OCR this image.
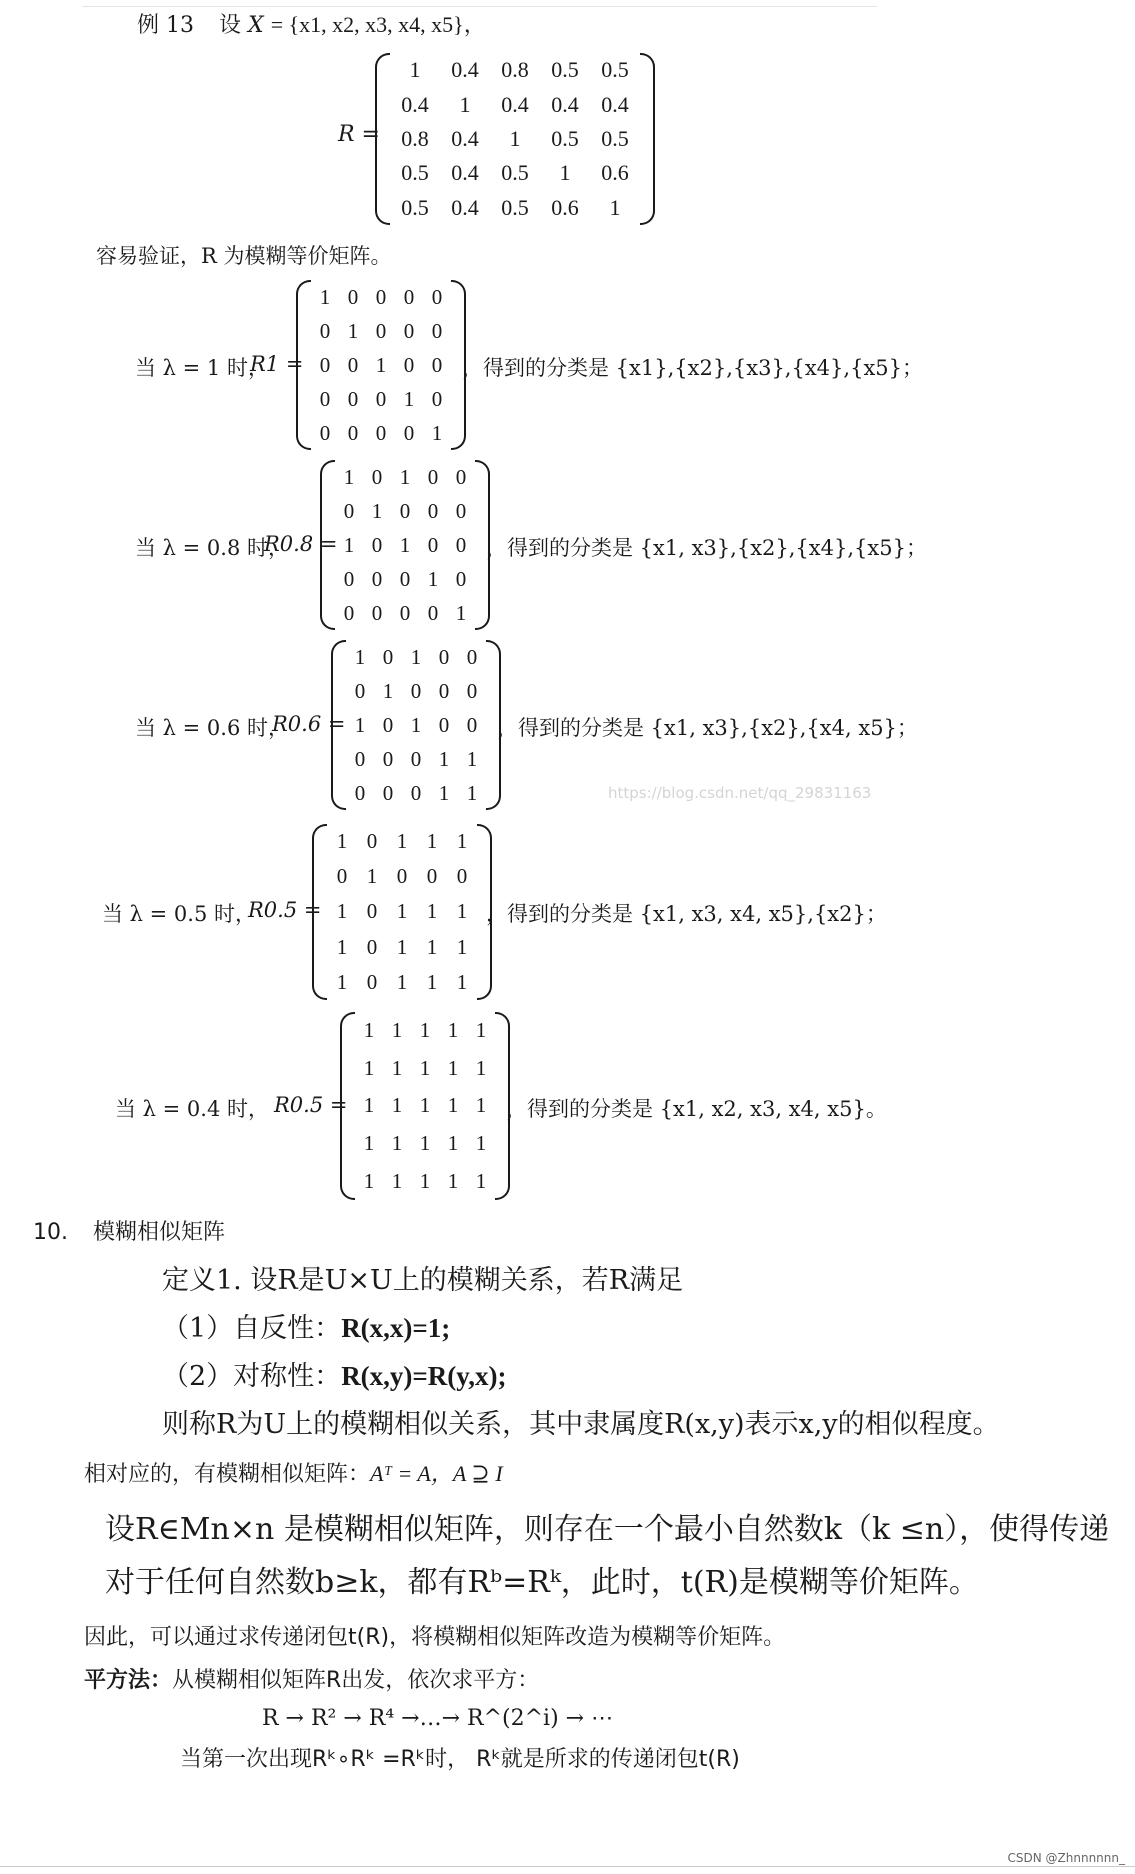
例 13 设 X = {x1, x2, x3, x4, x5}，
R =
1 0.4 0.8 0.5 0.5
0.4 1 0.4 0.4 0.4
0.8 0.4 1 0.5 0.5
0.5 0.4 0.5 1 0.6
0.5 0.4 0.5 0.6 1
容易验证，R 为模糊等价矩阵。
当 λ = 1 时，
R1 =
1 0 0 0 0
0 1 0 0 0
0 0 1 0 0
0 0 0 1 0
0 0 0 0 1
，得到的分类是 {x1},{x2},{x3},{x4},{x5}；
当 λ = 0.8 时，
R0.8 =
1 0 1 0 0
0 1 0 0 0
1 0 1 0 0
0 0 0 1 0
0 0 0 0 1
，得到的分类是 {x1, x3},{x2},{x4},{x5}；
当 λ = 0.6 时，
R0.6 =
1 0 1 0 0
0 1 0 0 0
1 0 1 0 0
0 0 0 1 1
0 0 0 1 1
，得到的分类是 {x1, x3},{x2},{x4, x5}；
https://blog.csdn.net/qq_29831163
当 λ = 0.5 时，
R0.5 =
1 0 1 1 1
0 1 0 0 0
1 0 1 1 1
1 0 1 1 1
1 0 1 1 1
，得到的分类是 {x1, x3, x4, x5},{x2}；
当 λ = 0.4 时， R0.5 =
1 1 1 1 1
1 1 1 1 1
1 1 1 1 1
1 1 1 1 1
1 1 1 1 1
，得到的分类是 {x1, x2, x3, x4, x5}。
10. 模糊相似矩阵
定义1. 设R是U×U上的模糊关系，若R满足
（1）自反性：R(x,x)=1;
（2）对称性：R(x,y)=R(y,x);
则称R为U上的模糊相似关系，其中隶属度R(x,y)表示x,y的相似程度。
相对应的，有模糊相似矩阵：Aᵀ = A，A ⊇ I
设R∈Mn×n 是模糊相似矩阵，则存在一个最小自然数k（k ≤n），使得传递
对于任何自然数b≥k，都有Rᵇ=Rᵏ，此时，t(R)是模糊等价矩阵。
因此，可以通过求传递闭包t(R)，将模糊相似矩阵改造为模糊等价矩阵。
平方法：从模糊相似矩阵R出发，依次求平方：
R → R² → R⁴ →…→ R^(2^i) → ⋯
当第一次出现Rᵏ∘Rᵏ =Rᵏ时， Rᵏ就是所求的传递闭包t(R)
CSDN @Zhnnnnnn_
